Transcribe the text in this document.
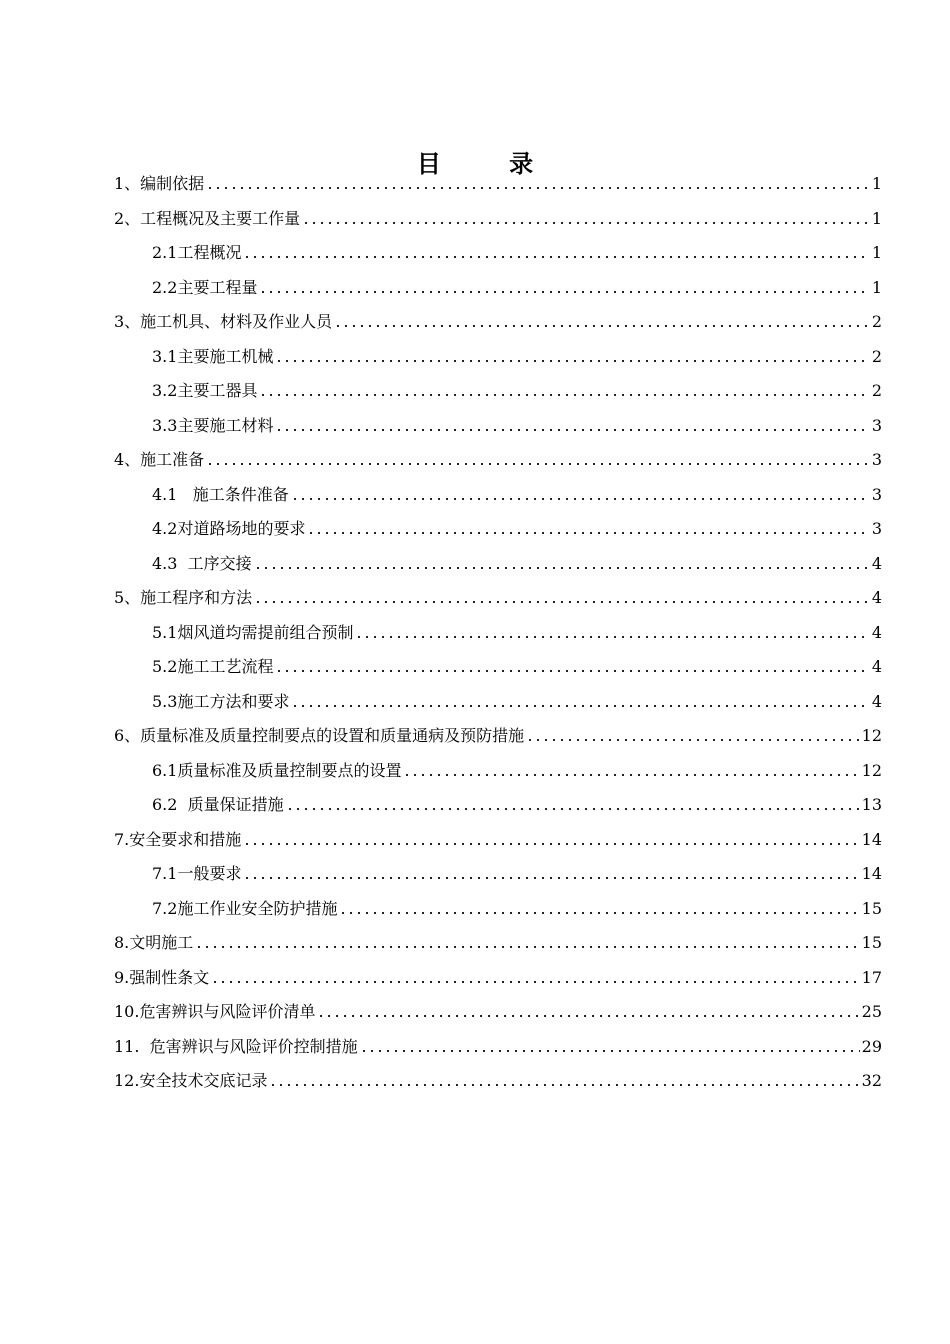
目 录
1、编制依据	1
2、工程概况及主要工作量	1
2.1工程概况	1
2.2主要工程量	1
3、施工机具、材料及作业人员	2
3.1主要施工机械	2
3.2主要工器具	2
3.3主要施工材料	3
4、施工准备	3
4.1   施工条件准备	3
4.2对道路场地的要求	3
4.3  工序交接	4
5、施工程序和方法	4
5.1烟风道均需提前组合预制	4
5.2施工工艺流程	4
5.3施工方法和要求	4
6、质量标准及质量控制要点的设置和质量通病及预防措施	12
6.1质量标准及质量控制要点的设置	12
6.2  质量保证措施	13
7.安全要求和措施	14
7.1一般要求	14
7.2施工作业安全防护措施	15
8.文明施工	15
9.强制性条文	17
10.危害辨识与风险评价清单	25
11.  危害辨识与风险评价控制措施	29
12.安全技术交底记录	32
